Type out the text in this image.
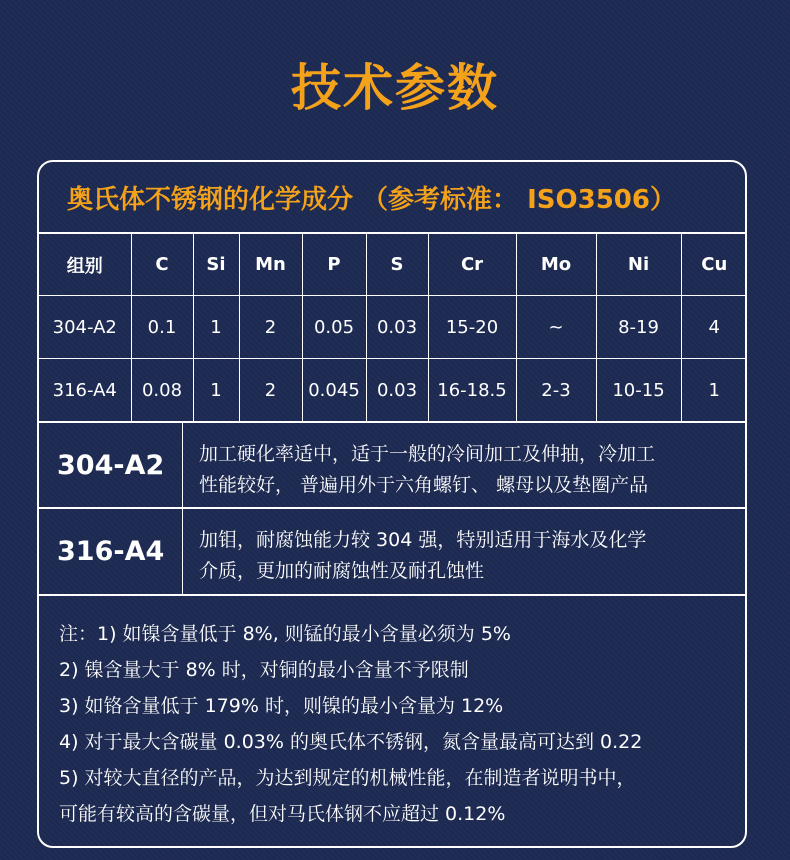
技术参数
奥氏体不锈钢的化学成分 （参考标准： ISO3506）
组别	C	Si	Mn	P	S	Cr	Mo	Ni	Cu
304-A2	0.1	1	2	0.05	0.03	15-20	~	8-19	4
316-A4	0.08	1	2	0.045	0.03	16-18.5	2-3	10-15	1
304-A2	加工硬化率适中，适于一般的冷间加工及伸抽，冷加工
性能较好， 普遍用外于六角螺钉、 螺母以及垫圈产品
316-A4	加钼，耐腐蚀能力较 304 强，特别适用于海水及化学
介质，更加的耐腐蚀性及耐孔蚀性
注：1) 如镍含量低于 8%, 则锰的最小含量必须为 5%
2) 镍含量大于 8% 时，对铜的最小含量不予限制
3) 如铬含量低于 179% 时，则镍的最小含量为 12%
4) 对于最大含碳量 0.03% 的奥氏体不锈钢，氮含量最高可达到 0.22
5) 对较大直径的产品，为达到规定的机械性能，在制造者说明书中，
可能有较高的含碳量，但对马氏体钢不应超过 0.12%
